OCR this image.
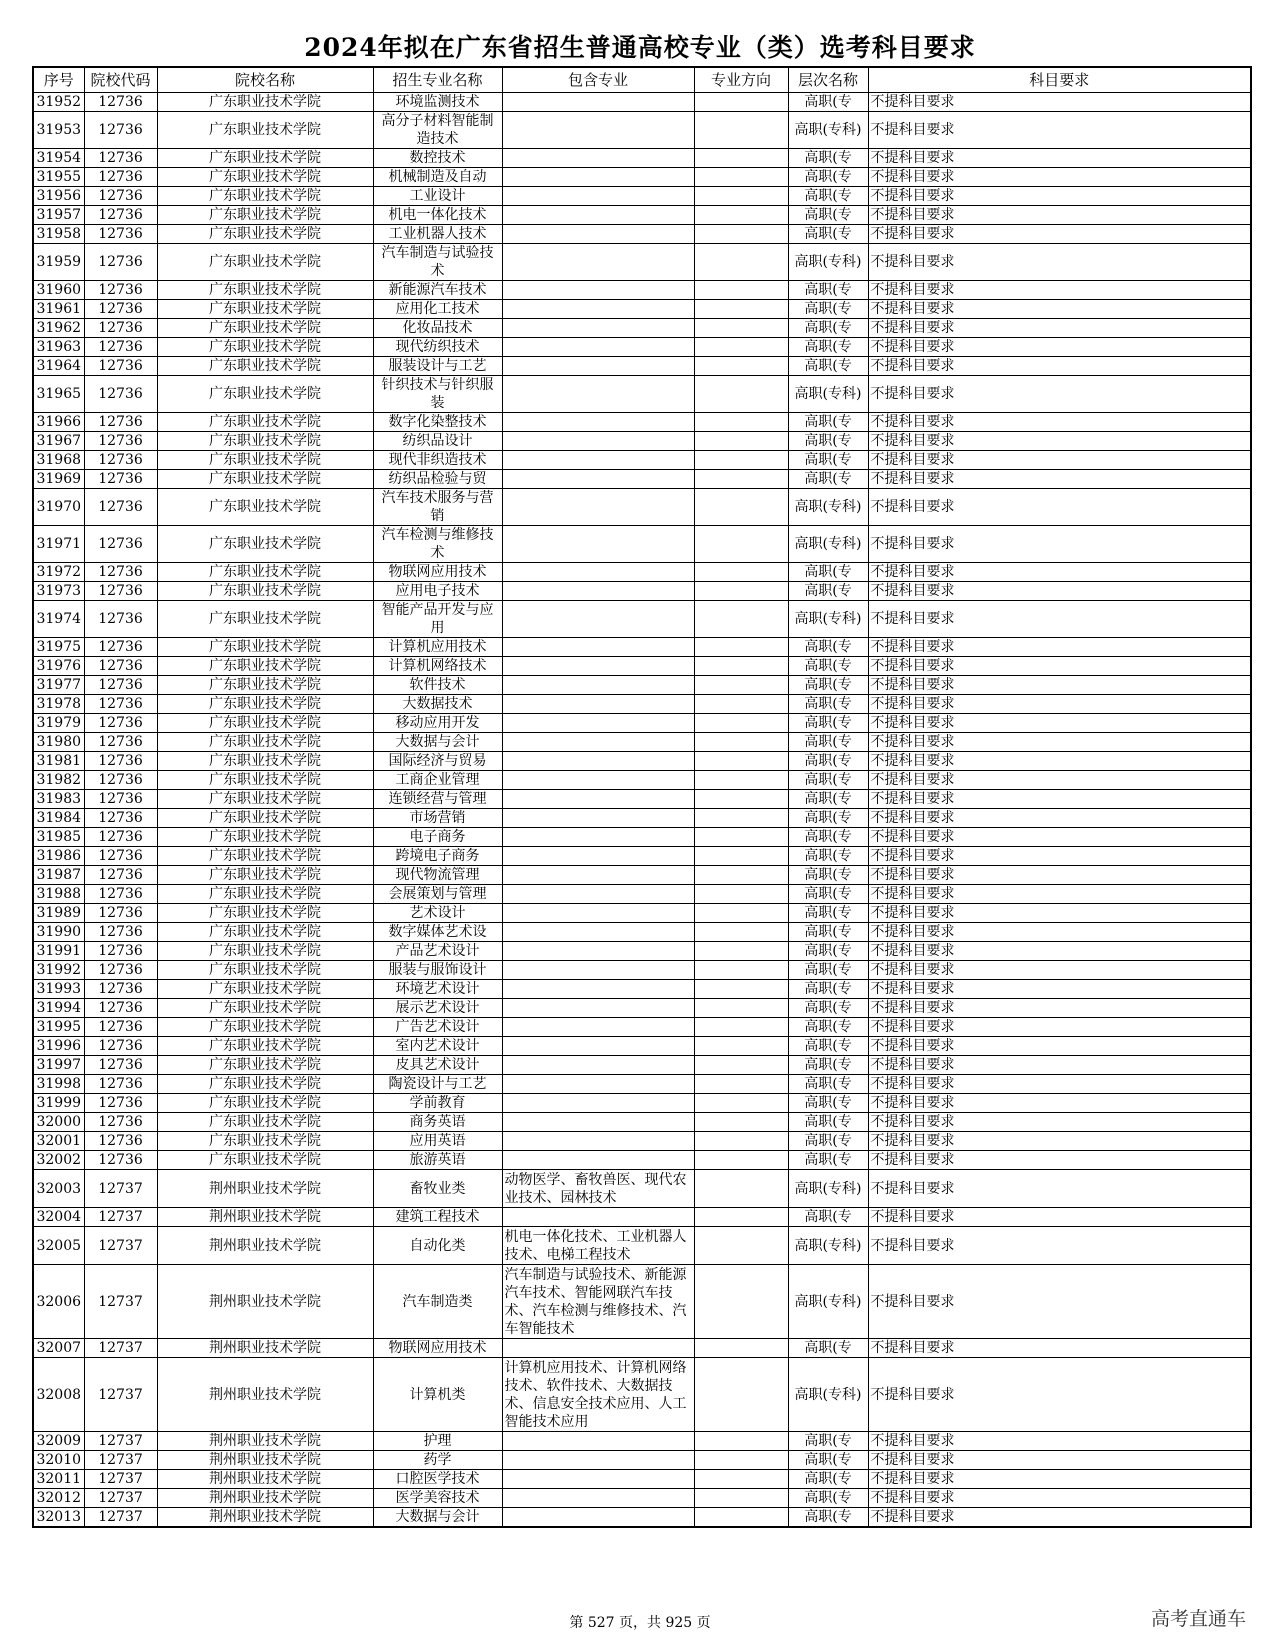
2024年拟在广东省招生普通高校专业（类）选考科目要求
序号	院校代码	院校名称	招生专业名称	包含专业	专业方向	层次名称	科目要求
31952	12736	广东职业技术学院	环境监测技术			高职(专	不提科目要求
31953	12736	广东职业技术学院	高分子材料智能制造技术			高职(专科)	不提科目要求
31954	12736	广东职业技术学院	数控技术			高职(专	不提科目要求
31955	12736	广东职业技术学院	机械制造及自动			高职(专	不提科目要求
31956	12736	广东职业技术学院	工业设计			高职(专	不提科目要求
31957	12736	广东职业技术学院	机电一体化技术			高职(专	不提科目要求
31958	12736	广东职业技术学院	工业机器人技术			高职(专	不提科目要求
31959	12736	广东职业技术学院	汽车制造与试验技术			高职(专科)	不提科目要求
31960	12736	广东职业技术学院	新能源汽车技术			高职(专	不提科目要求
31961	12736	广东职业技术学院	应用化工技术			高职(专	不提科目要求
31962	12736	广东职业技术学院	化妆品技术			高职(专	不提科目要求
31963	12736	广东职业技术学院	现代纺织技术			高职(专	不提科目要求
31964	12736	广东职业技术学院	服装设计与工艺			高职(专	不提科目要求
31965	12736	广东职业技术学院	针织技术与针织服装			高职(专科)	不提科目要求
31966	12736	广东职业技术学院	数字化染整技术			高职(专	不提科目要求
31967	12736	广东职业技术学院	纺织品设计			高职(专	不提科目要求
31968	12736	广东职业技术学院	现代非织造技术			高职(专	不提科目要求
31969	12736	广东职业技术学院	纺织品检验与贸			高职(专	不提科目要求
31970	12736	广东职业技术学院	汽车技术服务与营销			高职(专科)	不提科目要求
31971	12736	广东职业技术学院	汽车检测与维修技术			高职(专科)	不提科目要求
31972	12736	广东职业技术学院	物联网应用技术			高职(专	不提科目要求
31973	12736	广东职业技术学院	应用电子技术			高职(专	不提科目要求
31974	12736	广东职业技术学院	智能产品开发与应用			高职(专科)	不提科目要求
31975	12736	广东职业技术学院	计算机应用技术			高职(专	不提科目要求
31976	12736	广东职业技术学院	计算机网络技术			高职(专	不提科目要求
31977	12736	广东职业技术学院	软件技术			高职(专	不提科目要求
31978	12736	广东职业技术学院	大数据技术			高职(专	不提科目要求
31979	12736	广东职业技术学院	移动应用开发			高职(专	不提科目要求
31980	12736	广东职业技术学院	大数据与会计			高职(专	不提科目要求
31981	12736	广东职业技术学院	国际经济与贸易			高职(专	不提科目要求
31982	12736	广东职业技术学院	工商企业管理			高职(专	不提科目要求
31983	12736	广东职业技术学院	连锁经营与管理			高职(专	不提科目要求
31984	12736	广东职业技术学院	市场营销			高职(专	不提科目要求
31985	12736	广东职业技术学院	电子商务			高职(专	不提科目要求
31986	12736	广东职业技术学院	跨境电子商务			高职(专	不提科目要求
31987	12736	广东职业技术学院	现代物流管理			高职(专	不提科目要求
31988	12736	广东职业技术学院	会展策划与管理			高职(专	不提科目要求
31989	12736	广东职业技术学院	艺术设计			高职(专	不提科目要求
31990	12736	广东职业技术学院	数字媒体艺术设			高职(专	不提科目要求
31991	12736	广东职业技术学院	产品艺术设计			高职(专	不提科目要求
31992	12736	广东职业技术学院	服装与服饰设计			高职(专	不提科目要求
31993	12736	广东职业技术学院	环境艺术设计			高职(专	不提科目要求
31994	12736	广东职业技术学院	展示艺术设计			高职(专	不提科目要求
31995	12736	广东职业技术学院	广告艺术设计			高职(专	不提科目要求
31996	12736	广东职业技术学院	室内艺术设计			高职(专	不提科目要求
31997	12736	广东职业技术学院	皮具艺术设计			高职(专	不提科目要求
31998	12736	广东职业技术学院	陶瓷设计与工艺			高职(专	不提科目要求
31999	12736	广东职业技术学院	学前教育			高职(专	不提科目要求
32000	12736	广东职业技术学院	商务英语			高职(专	不提科目要求
32001	12736	广东职业技术学院	应用英语			高职(专	不提科目要求
32002	12736	广东职业技术学院	旅游英语			高职(专	不提科目要求
32003	12737	荆州职业技术学院	畜牧业类	动物医学、畜牧兽医、现代农业技术、园林技术		高职(专科)	不提科目要求
32004	12737	荆州职业技术学院	建筑工程技术			高职(专	不提科目要求
32005	12737	荆州职业技术学院	自动化类	机电一体化技术、工业机器人技术、电梯工程技术		高职(专科)	不提科目要求
32006	12737	荆州职业技术学院	汽车制造类	汽车制造与试验技术、新能源汽车技术、智能网联汽车技术、汽车检测与维修技术、汽车智能技术		高职(专科)	不提科目要求
32007	12737	荆州职业技术学院	物联网应用技术			高职(专	不提科目要求
32008	12737	荆州职业技术学院	计算机类	计算机应用技术、计算机网络技术、软件技术、大数据技术、信息安全技术应用、人工智能技术应用		高职(专科)	不提科目要求
32009	12737	荆州职业技术学院	护理			高职(专	不提科目要求
32010	12737	荆州职业技术学院	药学			高职(专	不提科目要求
32011	12737	荆州职业技术学院	口腔医学技术			高职(专	不提科目要求
32012	12737	荆州职业技术学院	医学美容技术			高职(专	不提科目要求
32013	12737	荆州职业技术学院	大数据与会计			高职(专	不提科目要求
第 527 页，共 925 页	高考直通车
